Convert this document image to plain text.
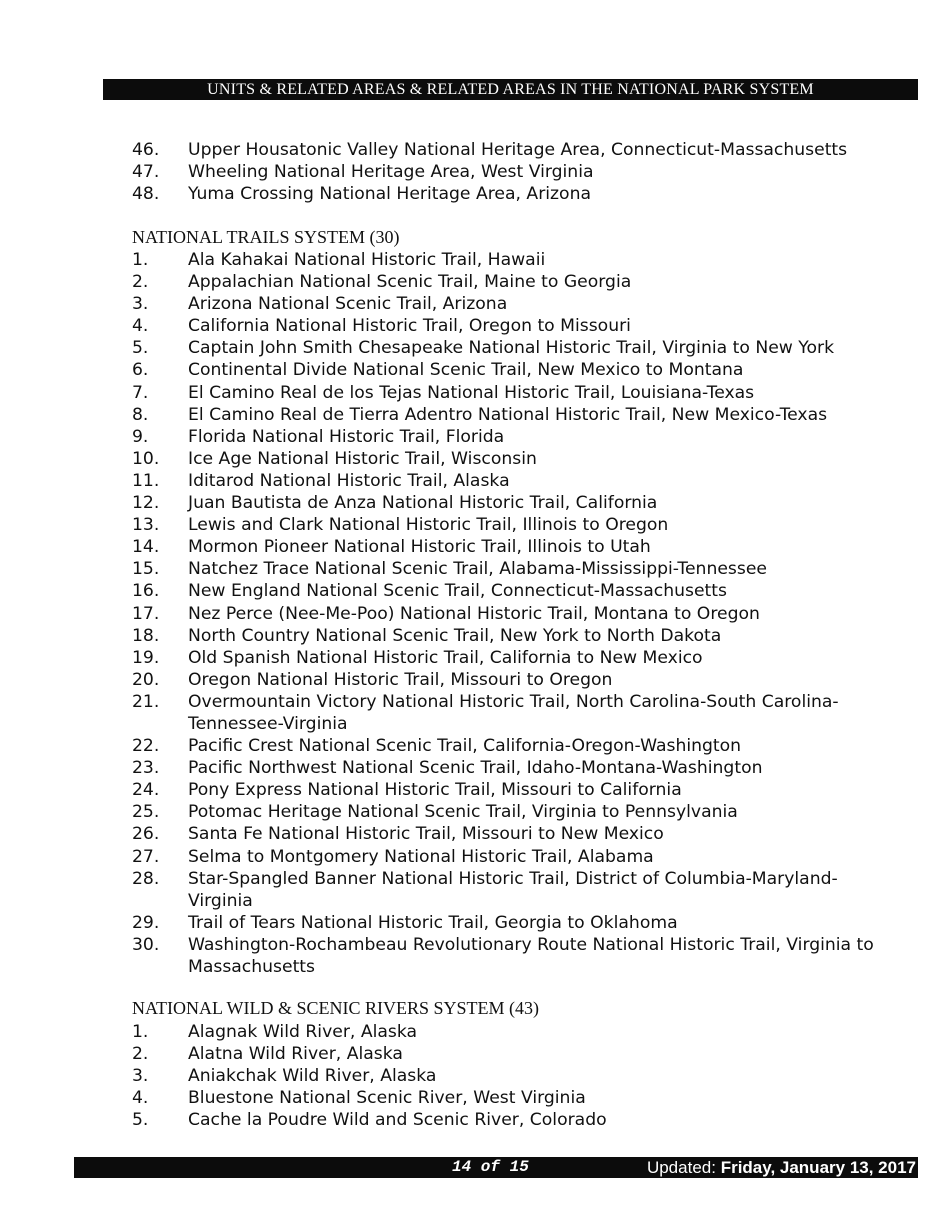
UNITS & RELATED AREAS & RELATED AREAS IN THE NATIONAL PARK SYSTEM
46. Upper Housatonic Valley National Heritage Area, Connecticut-Massachusetts
47. Wheeling National Heritage Area, West Virginia
48. Yuma Crossing National Heritage Area, Arizona
NATIONAL TRAILS SYSTEM (30)
1. Ala Kahakai National Historic Trail, Hawaii
2. Appalachian National Scenic Trail, Maine to Georgia
3. Arizona National Scenic Trail, Arizona
4. California National Historic Trail, Oregon to Missouri
5. Captain John Smith Chesapeake National Historic Trail, Virginia to New York
6. Continental Divide National Scenic Trail, New Mexico to Montana
7. El Camino Real de los Tejas National Historic Trail, Louisiana-Texas
8. El Camino Real de Tierra Adentro National Historic Trail, New Mexico-Texas
9. Florida National Historic Trail, Florida
10. Ice Age National Historic Trail, Wisconsin
11. Iditarod National Historic Trail, Alaska
12. Juan Bautista de Anza National Historic Trail, California
13. Lewis and Clark National Historic Trail, Illinois to Oregon
14. Mormon Pioneer National Historic Trail, Illinois to Utah
15. Natchez Trace National Scenic Trail, Alabama-Mississippi-Tennessee
16. New England National Scenic Trail, Connecticut-Massachusetts
17. Nez Perce (Nee-Me-Poo) National Historic Trail, Montana to Oregon
18. North Country National Scenic Trail, New York to North Dakota
19. Old Spanish National Historic Trail, California to New Mexico
20. Oregon National Historic Trail, Missouri to Oregon
21. Overmountain Victory National Historic Trail, North Carolina-South Carolina-Tennessee-Virginia
22. Pacific Crest National Scenic Trail, California-Oregon-Washington
23. Pacific Northwest National Scenic Trail, Idaho-Montana-Washington
24. Pony Express National Historic Trail, Missouri to California
25. Potomac Heritage National Scenic Trail, Virginia to Pennsylvania
26. Santa Fe National Historic Trail, Missouri to New Mexico
27. Selma to Montgomery National Historic Trail, Alabama
28. Star-Spangled Banner National Historic Trail, District of Columbia-Maryland-Virginia
29. Trail of Tears National Historic Trail, Georgia to Oklahoma
30. Washington-Rochambeau Revolutionary Route National Historic Trail, Virginia to Massachusetts
NATIONAL WILD & SCENIC RIVERS SYSTEM (43)
1. Alagnak Wild River, Alaska
2. Alatna Wild River, Alaska
3. Aniakchak Wild River, Alaska
4. Bluestone National Scenic River, West Virginia
5. Cache la Poudre Wild and Scenic River, Colorado
14 of 15	Updated: Friday, January 13, 2017
